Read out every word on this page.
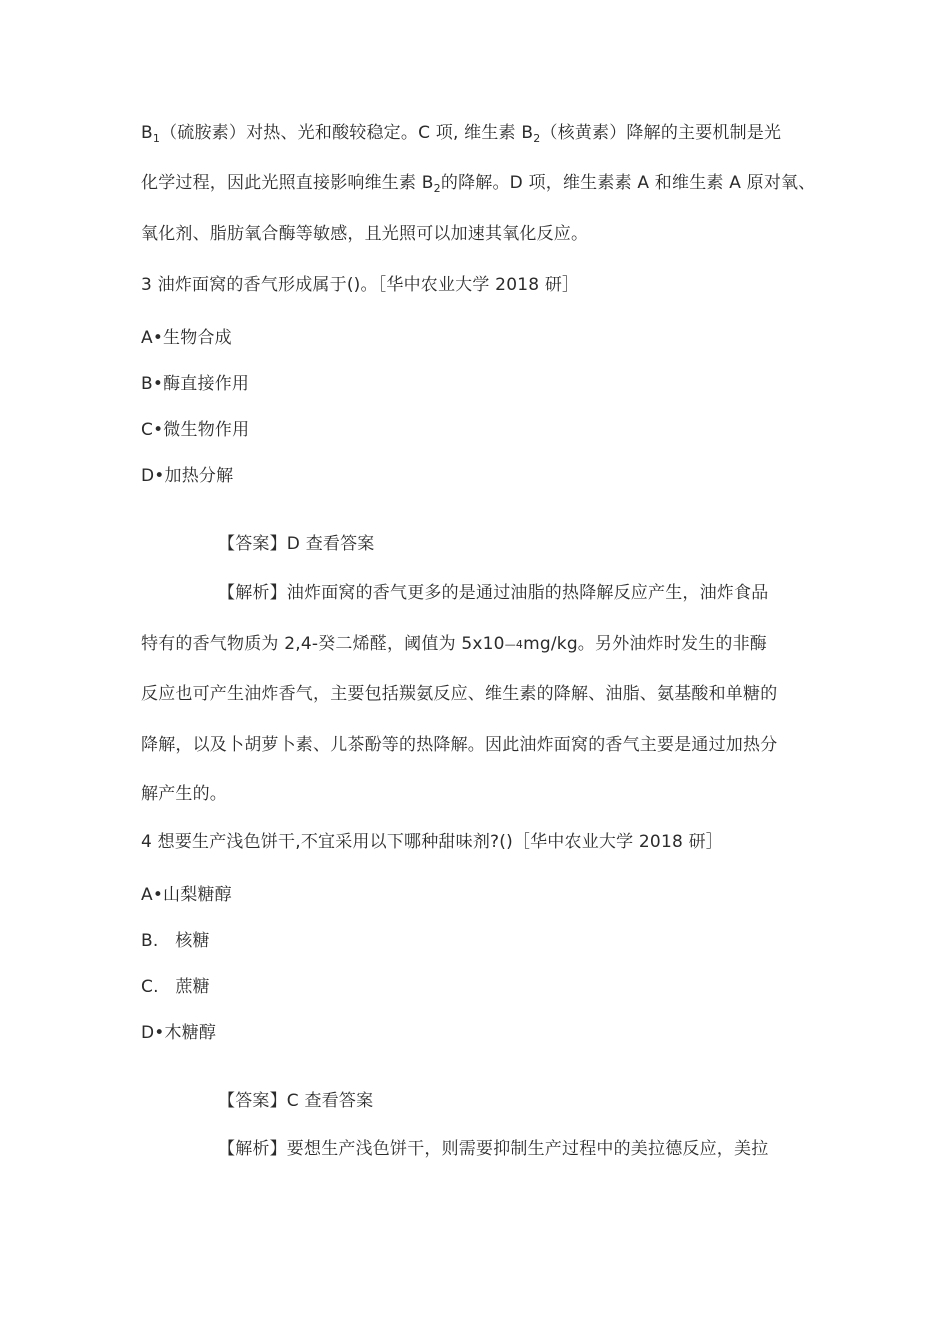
$B_1$（硫胺素）对热、光和酸较稳定。C 项, 维生素 $B_2$（核黄素）降解的主要机制是光
化学过程，因此光照直接影响维生素 $B_2$的降解。D 项，维生素素 A 和维生素 A 原对氧、
氧化剂、脂肪氧合酶等敏感，且光照可以加速其氧化反应。
3 油炸面窝的香气形成属于()。［华中农业大学 2018 研］
A•生物合成
B•酶直接作用
C•微生物作用
D•加热分解
【答案】D 查看答案
【解析】油炸面窝的香气更多的是通过油脂的热降解反应产生，油炸食品
特有的香气物质为 2,4-癸二烯醛，阈值为 5x10—4mg/kg。另外油炸时发生的非酶
反应也可产生油炸香气，主要包括羰氨反应、维生素的降解、油脂、氨基酸和单糖的
降解，以及卜胡萝卜素、儿茶酚等的热降解。因此油炸面窝的香气主要是通过加热分
解产生的。
4 想要生产浅色饼干,不宜采用以下哪种甜味剂?()［华中农业大学 2018 研］
A•山梨糖醇
B.   核糖
C.   蔗糖
D•木糖醇
【答案】C 查看答案
【解析】要想生产浅色饼干，则需要抑制生产过程中的美拉德反应，美拉
